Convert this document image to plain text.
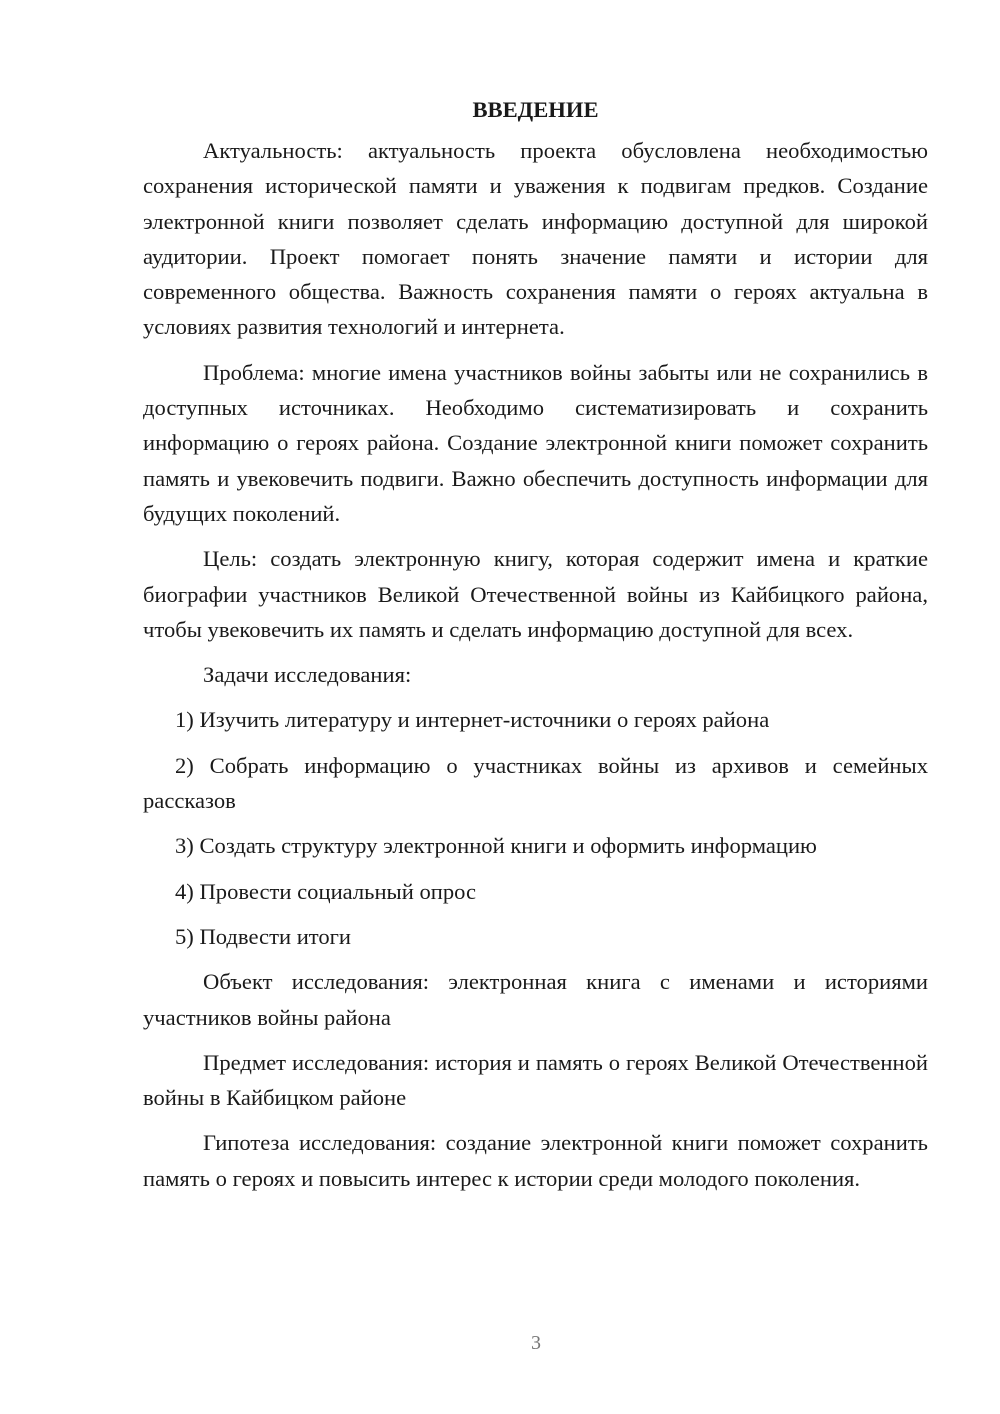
ВВЕДЕНИЕ

Актуальность: актуальность проекта обусловлена необходимостью сохранения исторической памяти и уважения к подвигам предков. Создание электронной книги позволяет сделать информацию доступной для широкой аудитории. Проект помогает понять значение памяти и истории для современного общества. Важность сохранения памяти о героях актуальна в условиях развития технологий и интернета.

Проблема: многие имена участников войны забыты или не сохранились в доступных источниках. Необходимо систематизировать и сохранить информацию о героях района. Создание электронной книги поможет сохранить память и увековечить подвиги. Важно обеспечить доступность информации для будущих поколений.

Цель: создать электронную книгу, которая содержит имена и краткие биографии участников Великой Отечественной войны из Кайбицкого района, чтобы увековечить их память и сделать информацию доступной для всех.

Задачи исследования:

1) Изучить литературу и интернет-источники о героях района

2) Собрать информацию о участниках войны из архивов и семейных рассказов

3) Создать структуру электронной книги и оформить информацию

4) Провести социальный опрос

5) Подвести итоги

Объект исследования: электронная книга с именами и историями участников войны района

Предмет исследования: история и память о героях Великой Отечественной войны в Кайбицком районе

Гипотеза исследования: создание электронной книги поможет сохранить память о героях и повысить интерес к истории среди молодого поколения.

3
